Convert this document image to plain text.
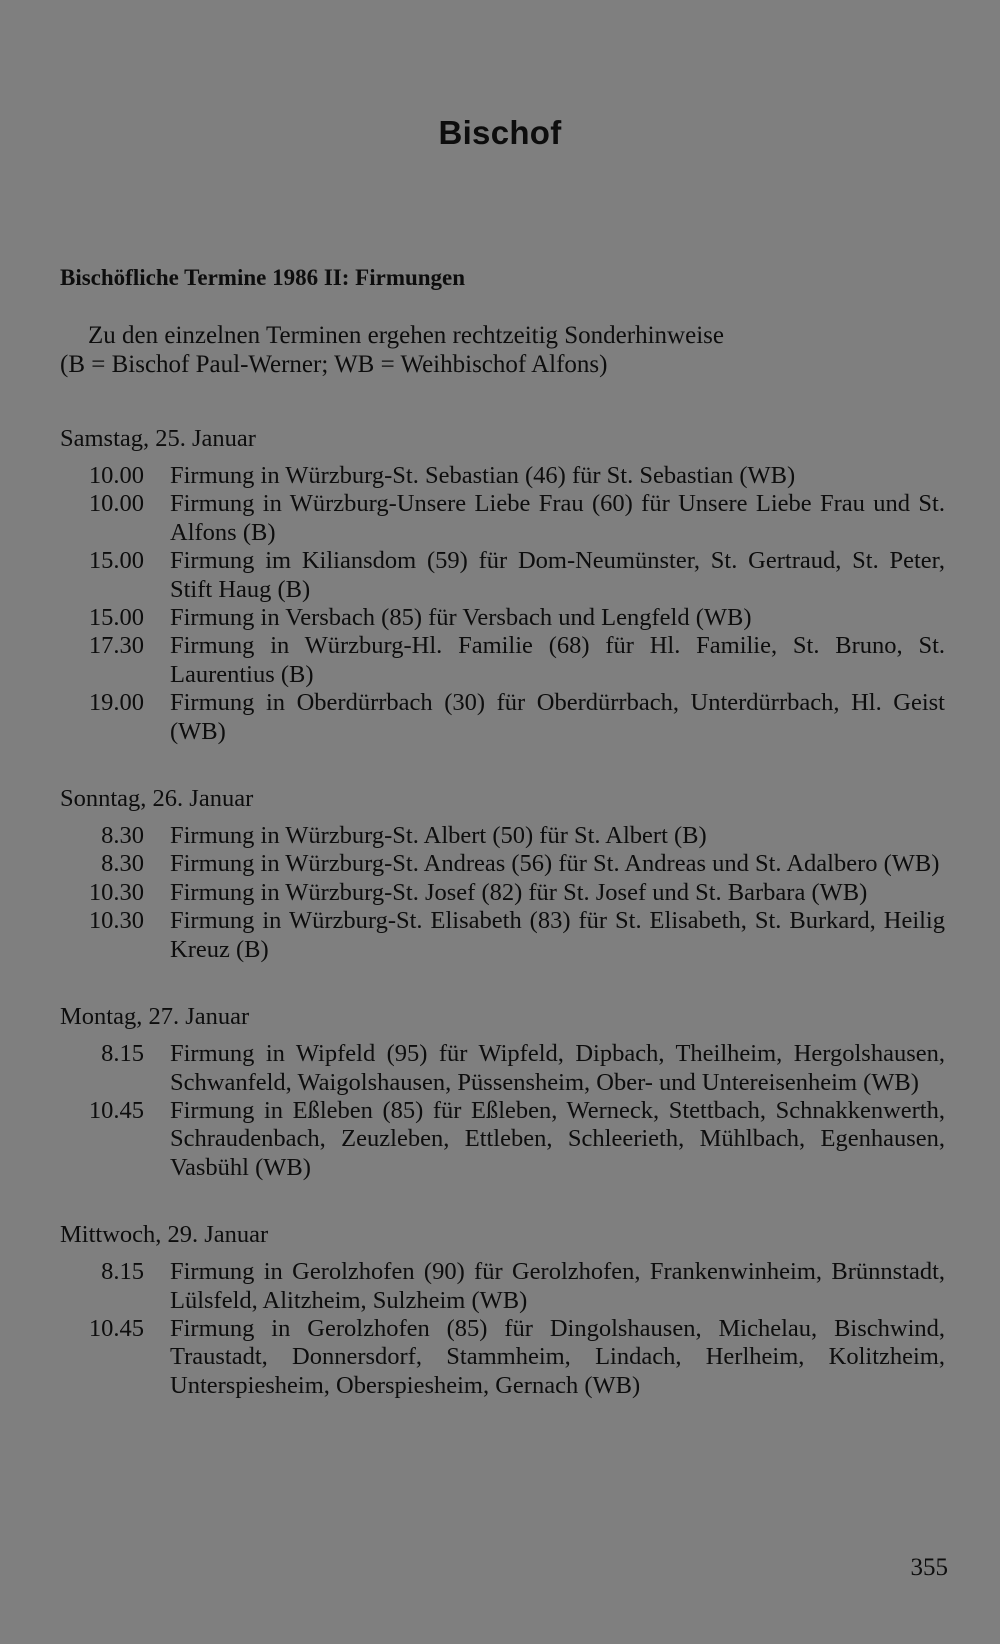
Bischof
Bischöfliche Termine 1986 II: Firmungen
Zu den einzelnen Terminen ergehen rechtzeitig Sonderhinweise
(B = Bischof Paul-Werner; WB = Weihbischof Alfons)
Samstag, 25. Januar
10.00	Firmung in Würzburg-St. Sebastian (46) für St. Sebastian (WB)
10.00	Firmung in Würzburg-Unsere Liebe Frau (60) für Unsere Liebe Frau und St. Alfons (B)
15.00	Firmung im Kiliansdom (59) für Dom-Neumünster, St. Gertraud, St. Peter, Stift Haug (B)
15.00	Firmung in Versbach (85) für Versbach und Lengfeld (WB)
17.30	Firmung in Würzburg-Hl. Familie (68) für Hl. Familie, St. Bruno, St. Laurentius (B)
19.00	Firmung in Oberdürrbach (30) für Oberdürrbach, Unterdürrbach, Hl. Geist (WB)
Sonntag, 26. Januar
8.30	Firmung in Würzburg-St. Albert (50) für St. Albert (B)
8.30	Firmung in Würzburg-St. Andreas (56) für St. Andreas und St. Adalbero (WB)
10.30	Firmung in Würzburg-St. Josef (82) für St. Josef und St. Barbara (WB)
10.30	Firmung in Würzburg-St. Elisabeth (83) für St. Elisabeth, St. Burkard, Heilig Kreuz (B)
Montag, 27. Januar
8.15	Firmung in Wipfeld (95) für Wipfeld, Dipbach, Theilheim, Hergolshausen, Schwanfeld, Waigolshausen, Püssensheim, Ober- und Untereisenheim (WB)
10.45	Firmung in Eßleben (85) für Eßleben, Werneck, Stettbach, Schnakkenwerth, Schraudenbach, Zeuzleben, Ettleben, Schleerieth, Mühlbach, Egenhausen, Vasbühl (WB)
Mittwoch, 29. Januar
8.15	Firmung in Gerolzhofen (90) für Gerolzhofen, Frankenwinheim, Brünnstadt, Lülsfeld, Alitzheim, Sulzheim (WB)
10.45	Firmung in Gerolzhofen (85) für Dingolshausen, Michelau, Bischwind, Traustadt, Donnersdorf, Stammheim, Lindach, Herlheim, Kolitzheim, Unterspiesheim, Oberspiesheim, Gernach (WB)
355
